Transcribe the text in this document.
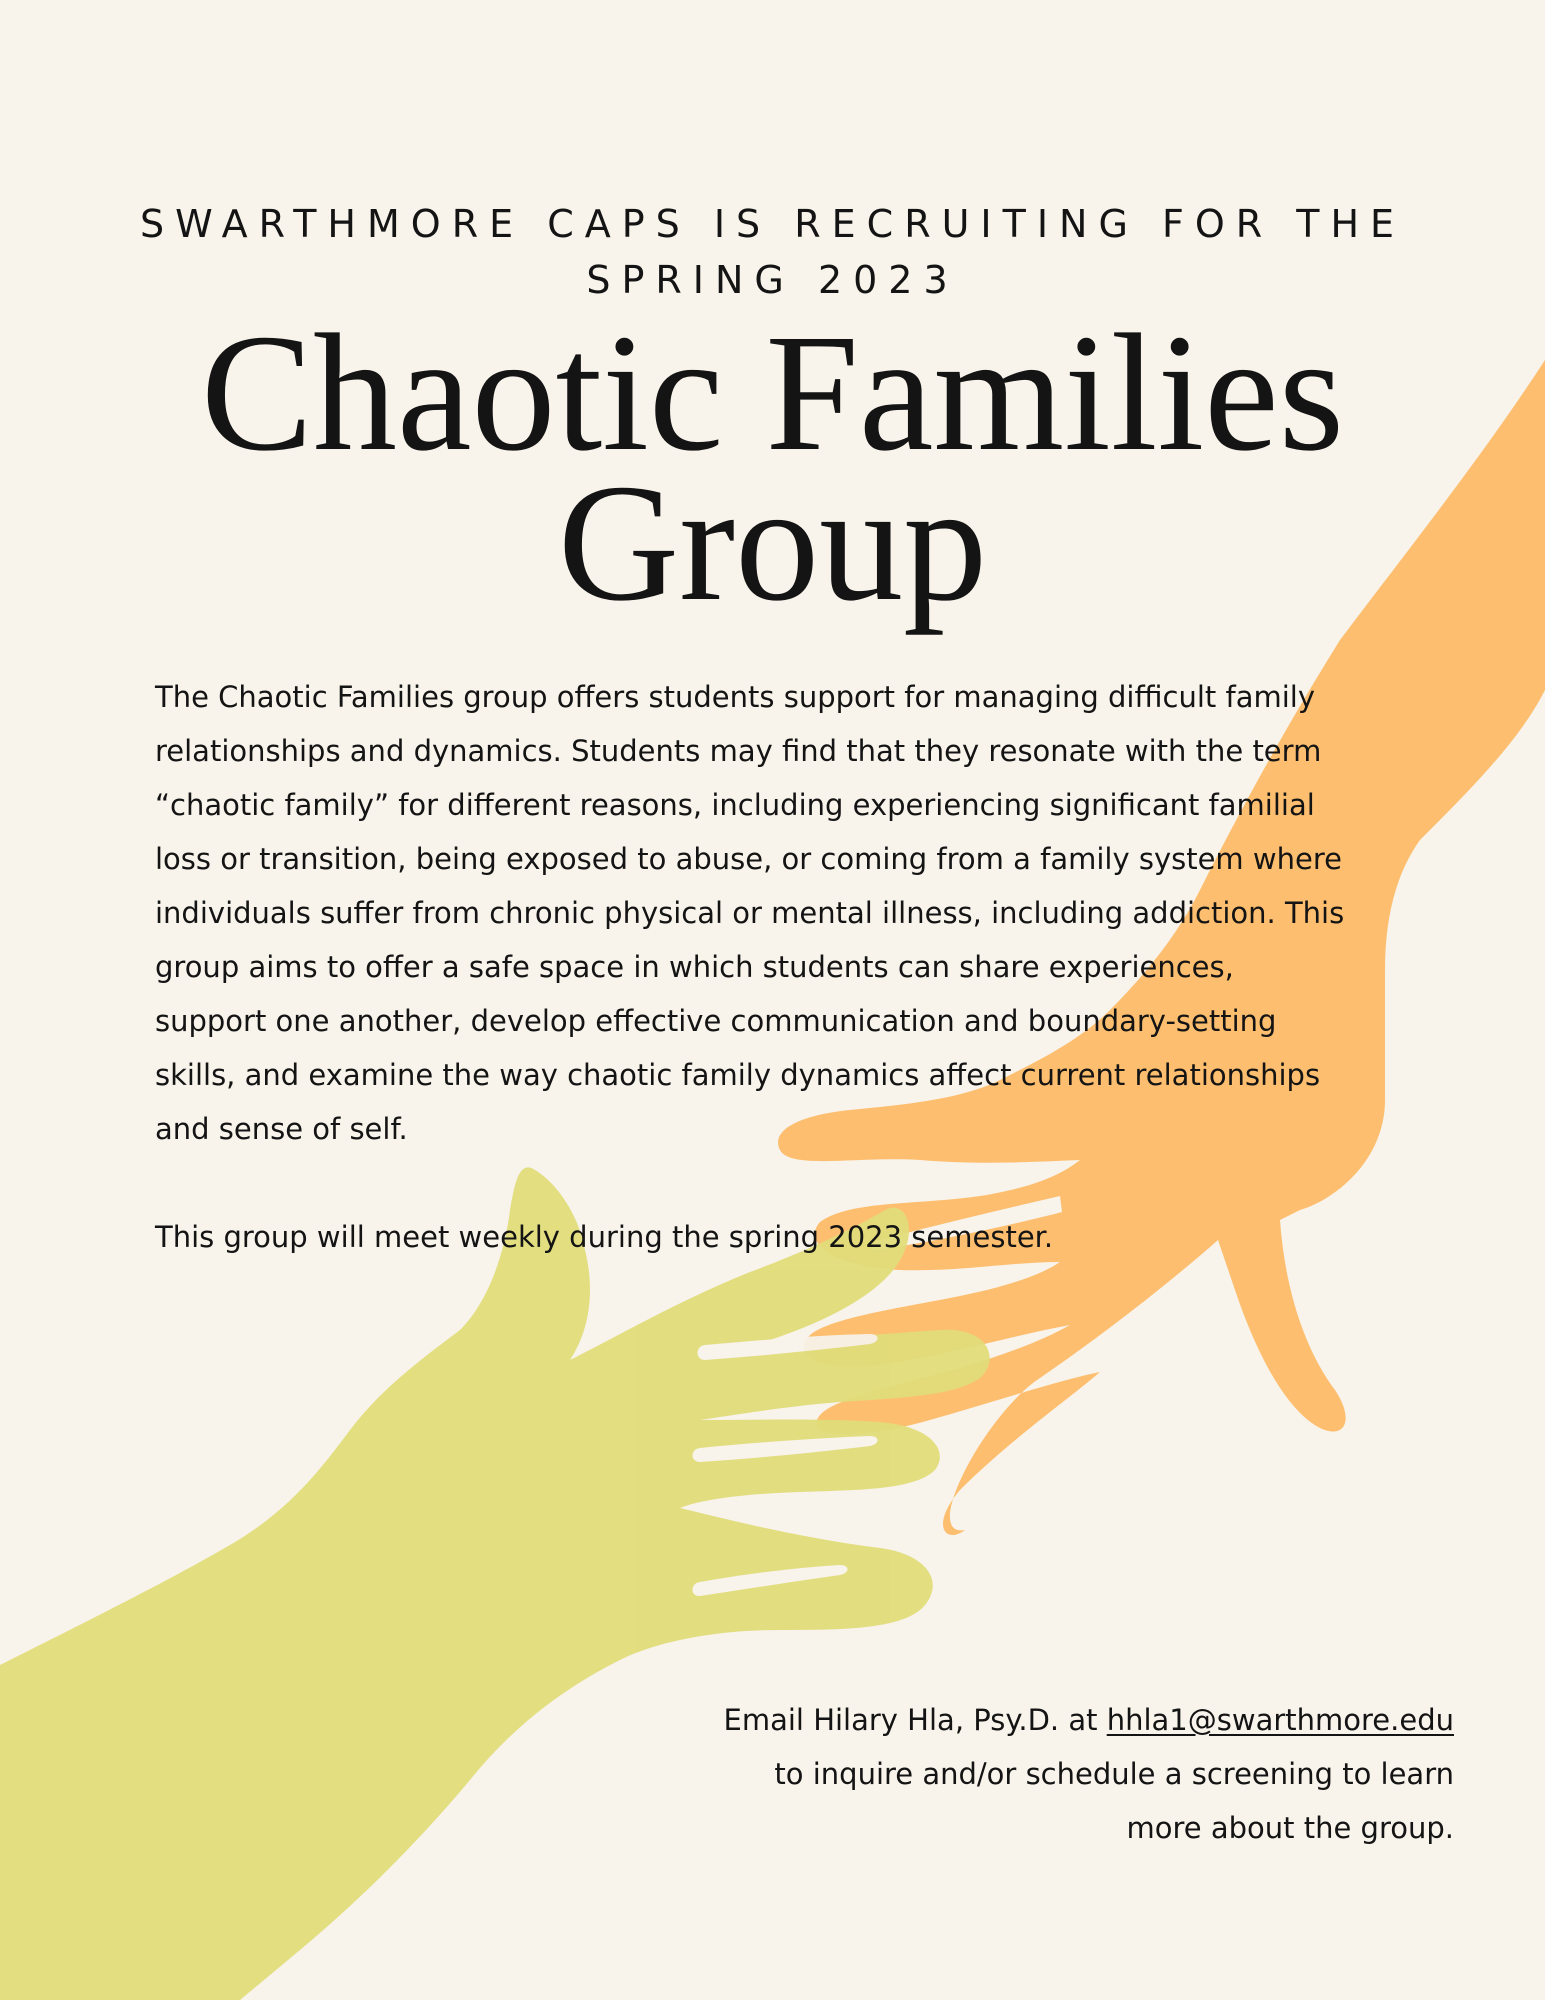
SWARTHMORE CAPS IS RECRUITING FOR THE SPRING 2023
Chaotic Families
Group

The Chaotic Families group offers students support for managing difficult family relationships and dynamics. Students may find that they resonate with the term “chaotic family” for different reasons, including experiencing significant familial loss or transition, being exposed to abuse, or coming from a family system where individuals suffer from chronic physical or mental illness, including addiction. This group aims to offer a safe space in which students can share experiences, support one another, develop effective communication and boundary-setting skills, and examine the way chaotic family dynamics affect current relationships and sense of self.

This group will meet weekly during the spring 2023 semester.

Email Hilary Hla, Psy.D. at hhla1@swarthmore.edu
to inquire and/or schedule a screening to learn
more about the group.
